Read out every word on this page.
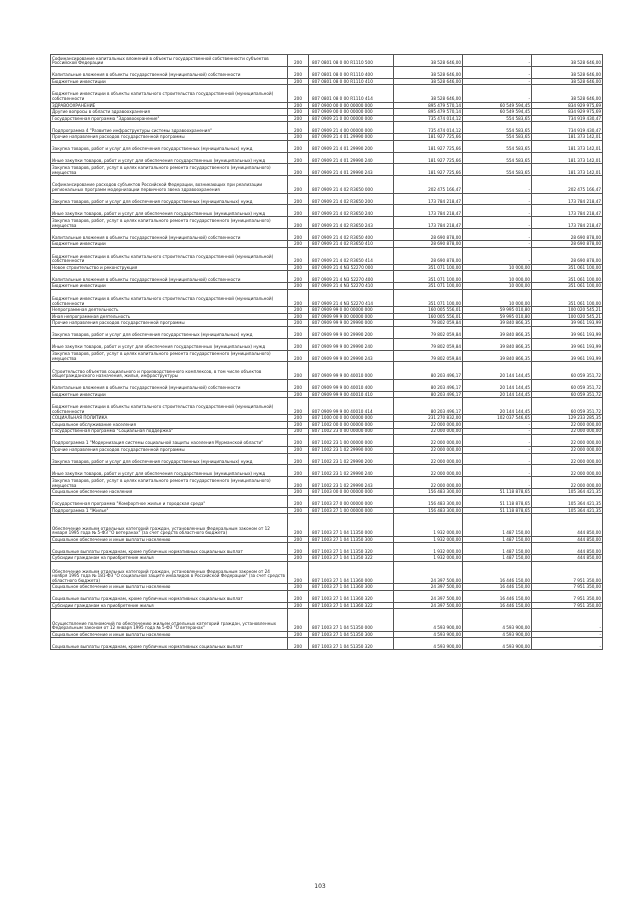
Софинансирование капитальных вложений в объекты государственной собственности субъектов Российской Федерации	200	807 0801 08 0 00 R1110 500	38 528 646,00	-	38 528 646,00
Капитальные вложения в объекты государственной (муниципальной) собственности	200	807 0801 08 0 00 R1110 400	38 528 646,00	-	38 528 646,00
Бюджетные инвестиции	200	807 0801 08 0 00 R1110 410	38 528 646,00	-	38 528 646,00
Бюджетные инвестиции в объекты капитального строительства государственной (муниципальной) собственности	200	807 0801 08 0 00 R1110 414	38 528 646,00	-	38 528 646,00
ЗДРАВООХРАНЕНИЕ	200	807 0900 00 0 00 00000 000	895 479 570,14	60 549 594,45	834 929 975,69
Другие вопросы в области здравоохранения	200	807 0909 00 0 00 00000 000	895 479 570,14	60 549 594,45	834 929 975,69
Государственная программа "Здравоохранение"	200	807 0909 21 0 00 00000 000	735 474 014,12	554 583,65	734 919 430,47
Подпрограмма 4 "Развитие инфраструктуры системы здравоохранения"	200	807 0909 21 4 00 00000 000	735 474 014,12	554 583,65	734 919 430,47
Прочие направления расходов государственной программы	200	807 0909 21 4 01 29990 000	181 927 725,66	554 583,65	181 373 142,01
Закупка товаров, работ и услуг для обеспечения государственных (муниципальных) нужд	200	807 0909 21 4 01 29990 200	181 927 725,66	554 583,65	181 373 142,01
Иные закупки товаров, работ и услуг для обеспечения государственных (муниципальных) нужд	200	807 0909 21 4 01 29990 240	181 927 725,66	554 583,65	181 373 142,01
Закупка товаров, работ, услуг в целях капитального ремонта государственного (муниципального) имущества	200	807 0909 21 4 01 29990 243	181 927 725,66	554 583,65	181 373 142,01
Софинансирование расходов субъектов Российской Федерации, возникающих при реализации региональных программ модернизации первичного звена здравоохранения	200	807 0909 21 4 02 R3650 000	202 475 166,47	-	202 475 166,47
Закупка товаров, работ и услуг для обеспечения государственных (муниципальных) нужд	200	807 0909 21 4 02 R3650 200	173 784 218,47	-	173 784 218,47
Иные закупки товаров, работ и услуг для обеспечения государственных (муниципальных) нужд	200	807 0909 21 4 02 R3650 240	173 784 218,47	-	173 784 218,47
Закупка товаров, работ, услуг в целях капитального ремонта государственного (муниципального) имущества	200	807 0909 21 4 02 R3650 243	173 784 218,47	-	173 784 218,47
Капитальные вложения в объекты государственной (муниципальной) собственности	200	807 0909 21 4 02 R3650 400	28 690 878,00	-	28 690 878,00
Бюджетные инвестиции	200	807 0909 21 4 02 R3650 410	28 690 878,00	-	28 690 878,00
Бюджетные инвестиции в объекты капитального строительства государственной (муниципальной) собственности	200	807 0909 21 4 02 R3650 414	28 690 878,00	-	28 690 878,00
Новое строительство и реконструкция	200	807 0909 21 4 N3 52270 000	351 071 100,00	10 000,00	351 061 100,00
Капитальные вложения в объекты государственной (муниципальной) собственности	200	807 0909 21 4 N3 52270 400	351 071 100,00	10 000,00	351 061 100,00
Бюджетные инвестиции	200	807 0909 21 4 N3 52270 410	351 071 100,00	10 000,00	351 061 100,00
Бюджетные инвестиции в объекты капитального строительства государственной (муниципальной) собственности	200	807 0909 21 4 N3 52270 414	351 071 100,00	10 000,00	351 061 100,00
Непрограммная деятельность	200	807 0909 99 0 00 00000 000	160 005 556,01	59 995 010,80	100 020 545,21
Иная непрограммная деятельность	200	807 0909 99 9 00 00000 000	160 005 556,01	59 995 010,80	100 020 545,21
Прочие направления расходов государственной программы	200	807 0909 99 9 00 29990 000	79 802 059,84	39 840 866,35	39 961 193,99
Закупка товаров, работ и услуг для обеспечения государственных (муниципальных) нужд	200	807 0909 99 9 00 29990 200	79 802 059,84	39 840 866,35	39 961 193,99
Иные закупки товаров, работ и услуг для обеспечения государственных (муниципальных) нужд	200	807 0909 99 9 00 29990 240	79 802 059,84	39 840 866,35	39 961 193,99
Закупка товаров, работ, услуг в целях капитального ремонта государственного (муниципального) имущества	200	807 0909 99 9 00 29990 243	79 802 059,84	39 840 866,35	39 961 193,99
Строительство объектов социального и производственного комплексов, в том числе объектов общегражданского назначения, жилья, инфраструктуры	200	807 0909 99 9 00 40010 000	80 203 496,17	20 144 144,45	60 059 351,72
Капитальные вложения в объекты государственной (муниципальной) собственности	200	807 0909 99 9 00 40010 400	80 203 496,17	20 144 144,45	60 059 351,72
Бюджетные инвестиции	200	807 0909 99 9 00 40010 410	80 203 496,17	20 144 144,45	60 059 351,72
Бюджетные инвестиции в объекты капитального строительства государственной (муниципальной) собственности	200	807 0909 99 9 00 40010 414	80 203 496,17	20 144 144,45	60 059 351,72
СОЦИАЛЬНАЯ ПОЛИТИКА	200	807 1000 00 0 00 00000 000	231 270 832,00	102 037 546,65	129 233 285,35
Социальное обслуживание населения	200	807 1002 00 0 00 00000 000	22 000 000,00	-	22 000 000,00
Государственная программа "Социальная поддержка"	200	807 1002 23 0 00 00000 000	22 000 000,00	-	22 000 000,00
Подпрограмма 1 "Модернизация системы социальной защиты населения Мурманской области"	200	807 1002 23 1 00 00000 000	22 000 000,00	-	22 000 000,00
Прочие направления расходов государственной программы	200	807 1002 23 1 02 29990 000	22 000 000,00	-	22 000 000,00
Закупка товаров, работ и услуг для обеспечения государственных (муниципальных) нужд	200	807 1002 23 1 02 29990 200	22 000 000,00	-	22 000 000,00
Иные закупки товаров, работ и услуг для обеспечения государственных (муниципальных) нужд	200	807 1002 23 1 02 29990 240	22 000 000,00	-	22 000 000,00
Закупка товаров, работ, услуг в целях капитального ремонта государственного (муниципального) имущества	200	807 1002 23 1 02 29990 243	22 000 000,00	-	22 000 000,00
Социальное обеспечение населения	200	807 1003 00 0 00 00000 000	156 483 300,00	51 118 878,65	105 364 421,35
Государственная программа "Комфортное жилье и городская среда"	200	807 1003 27 0 00 00000 000	156 483 300,00	51 118 878,65	105 364 421,35
Подпрограмма 1 "Жилье"	200	807 1003 27 1 00 00000 000	156 483 300,00	51 118 878,65	105 364 421,35
Обеспечение жильем отдельных категорий граждан, установленных Федеральным законом от 12 января 1995 года № 5-ФЗ "О ветеранах" (за счет средств областного бюджета)	200	807 1003 27 1 04 11350 000	1 932 000,00	1 487 150,00	444 850,00
Социальное обеспечение и иные выплаты населению	200	807 1003 27 1 04 11350 300	1 932 000,00	1 487 150,00	444 850,00
Социальные выплаты гражданам, кроме публичных нормативных социальных выплат	200	807 1003 27 1 04 11350 320	1 932 000,00	1 487 150,00	444 850,00
Субсидии гражданам на приобретение жилья	200	807 1003 27 1 04 11350 322	1 932 000,00	1 487 150,00	444 850,00
Обеспечение жильем отдельных категорий граждан, установленных Федеральным законом от 24 ноября 1995 года № 181-ФЗ "О социальной защите инвалидов в Российской Федерации" (за счет средств областного бюджета)	200	807 1003 27 1 04 11360 000	24 397 500,00	16 446 150,00	7 951 350,00
Социальное обеспечение и иные выплаты населению	200	807 1003 27 1 04 11360 300	24 397 500,00	16 446 150,00	7 951 350,00
Социальные выплаты гражданам, кроме публичных нормативных социальных выплат	200	807 1003 27 1 04 11360 320	24 397 500,00	16 446 150,00	7 951 350,00
Субсидии гражданам на приобретение жилья	200	807 1003 27 1 04 11360 322	24 397 500,00	16 446 150,00	7 951 350,00
Осуществление полномочий по обеспечению жильем отдельных категорий граждан, установленных Федеральным законом от 12 января 1995 года № 5-ФЗ "О ветеранах"	200	807 1003 27 1 04 51350 000	4 593 900,00	4 593 900,00	-
Социальное обеспечение и иные выплаты населению	200	807 1003 27 1 04 51350 300	4 593 900,00	4 593 900,00	-
Социальные выплаты гражданам, кроме публичных нормативных социальных выплат	200	807 1003 27 1 04 51350 320	4 593 900,00	4 593 900,00	-
103
